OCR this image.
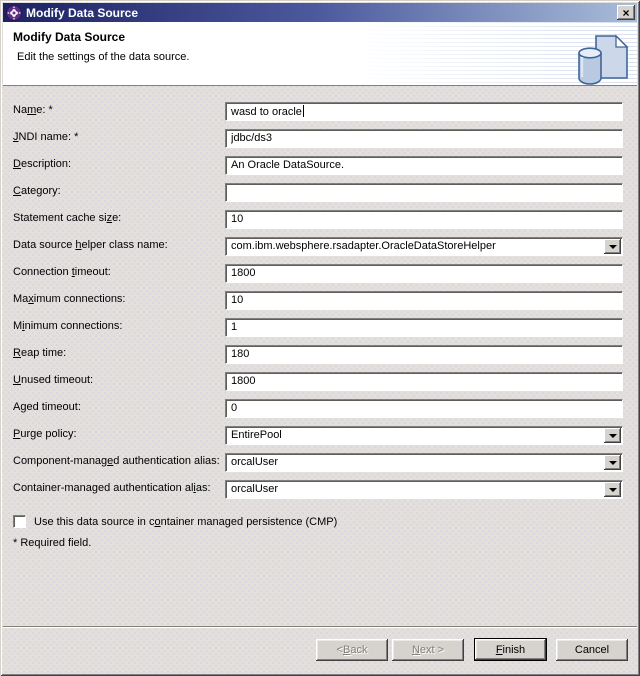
Modify Data Source	×
Modify Data Source
Edit the settings of the data source.
Name: *	wasd to oracle
JNDI name: *	jdbc/ds3
Description:	An Oracle DataSource.
Category:
Statement cache size:	10
Data source helper class name:	com.ibm.websphere.rsadapter.OracleDataStoreHelper
Connection timeout:	1800
Maximum connections:	10
Minimum connections:	1
Reap time:	180
Unused timeout:	1800
Aged timeout:	0
Purge policy:	EntirePool
Component-managed authentication alias: orcalUser
Container-managed authentication alias: orcalUser
Use this data source in container managed persistence (CMP)
* Required field.
< B ack	N ext >	F inish	Cancel
